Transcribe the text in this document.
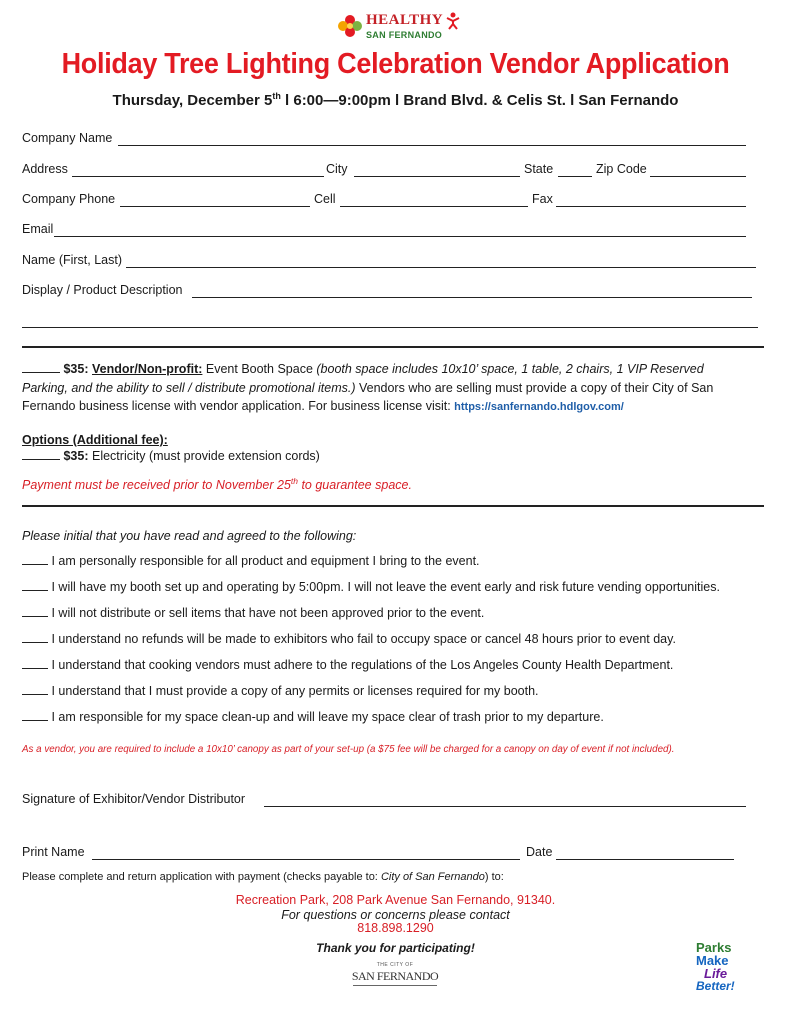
HEALTHY
SAN FERNANDO
Holiday Tree Lighting Celebration Vendor Application
Thursday, December 5th l 6:00—9:00pm l Brand Blvd. & Celis St. l San Fernando
Company Name
Address	City	State	Zip Code
Company Phone	Cell	Fax
Email
Name (First, Last)
Display / Product Description
$35: Vendor/Non-profit: Event Booth Space (booth space includes 10x10’ space, 1 table, 2 chairs, 1 VIP Reserved Parking, and the ability to sell / distribute promotional items.) Vendors who are selling must provide a copy of their City of San Fernando business license with vendor application. For business license visit: https://sanfernando.hdlgov.com/
Options (Additional fee):
$35: Electricity (must provide extension cords)
Payment must be received prior to November 25th to guarantee space.
Please initial that you have read and agreed to the following:
I am personally responsible for all product and equipment I bring to the event.
I will have my booth set up and operating by 5:00pm. I will not leave the event early and risk future vending opportunities.
I will not distribute or sell items that have not been approved prior to the event.
I understand no refunds will be made to exhibitors who fail to occupy space or cancel 48 hours prior to event day.
I understand that cooking vendors must adhere to the regulations of the Los Angeles County Health Department.
I understand that I must provide a copy of any permits or licenses required for my booth.
I am responsible for my space clean-up and will leave my space clear of trash prior to my departure.
As a vendor, you are required to include a 10x10’ canopy as part of your set-up (a $75 fee will be charged for a canopy on day of event if not included).
Signature of Exhibitor/Vendor Distributor
Print Name	Date
Please complete and return application with payment (checks payable to: City of San Fernando) to:
Recreation Park, 208 Park Avenue San Fernando, 91340.
For questions or concerns please contact
818.898.1290
Thank you for participating!
THE CITY OF
SAN FERNANDO
Parks
Make
Life
Better!
